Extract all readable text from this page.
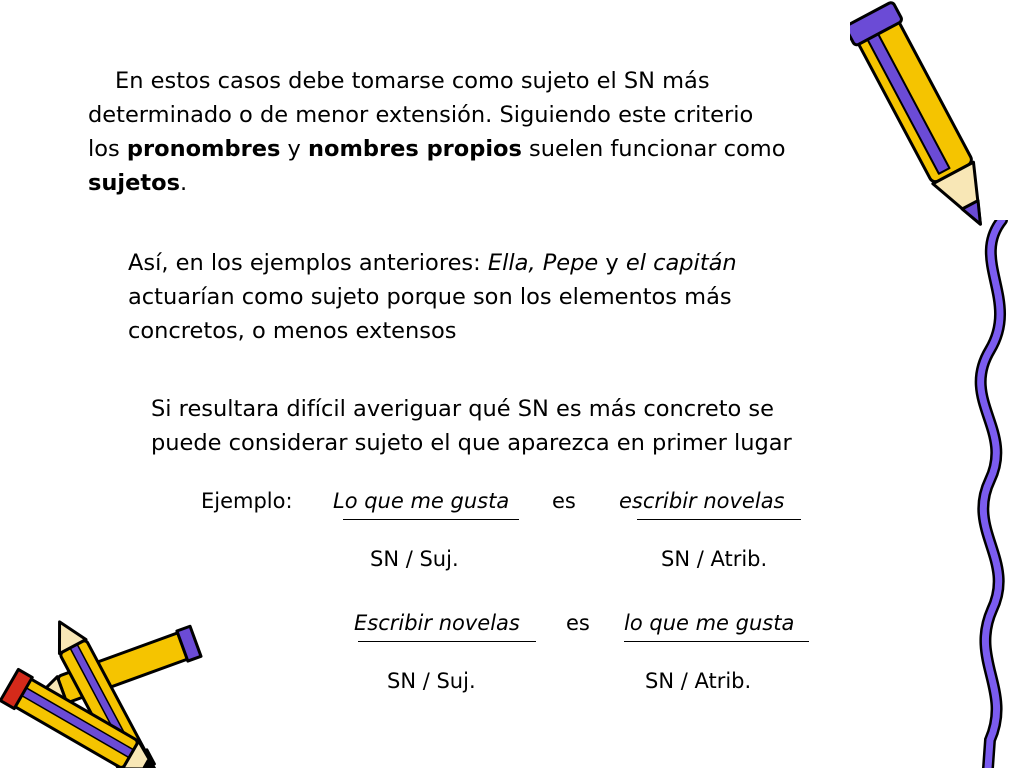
En estos casos debe tomarse como sujeto el SN más
determinado o de menor extensión. Siguiendo este criterio
los pronombres y nombres propios suelen funcionar como
sujetos.
Así, en los ejemplos anteriores: Ella, Pepe y el capitán
actuarían como sujeto porque son los elementos más
concretos, o menos extensos
Si resultara difícil averiguar qué SN es más concreto se
puede considerar sujeto el que aparezca en primer lugar
Ejemplo: Lo que me gusta es escribir novelas
SN / Suj.	SN / Atrib.
Escribir novelas es lo que me gusta
SN / Suj.	SN / Atrib.
